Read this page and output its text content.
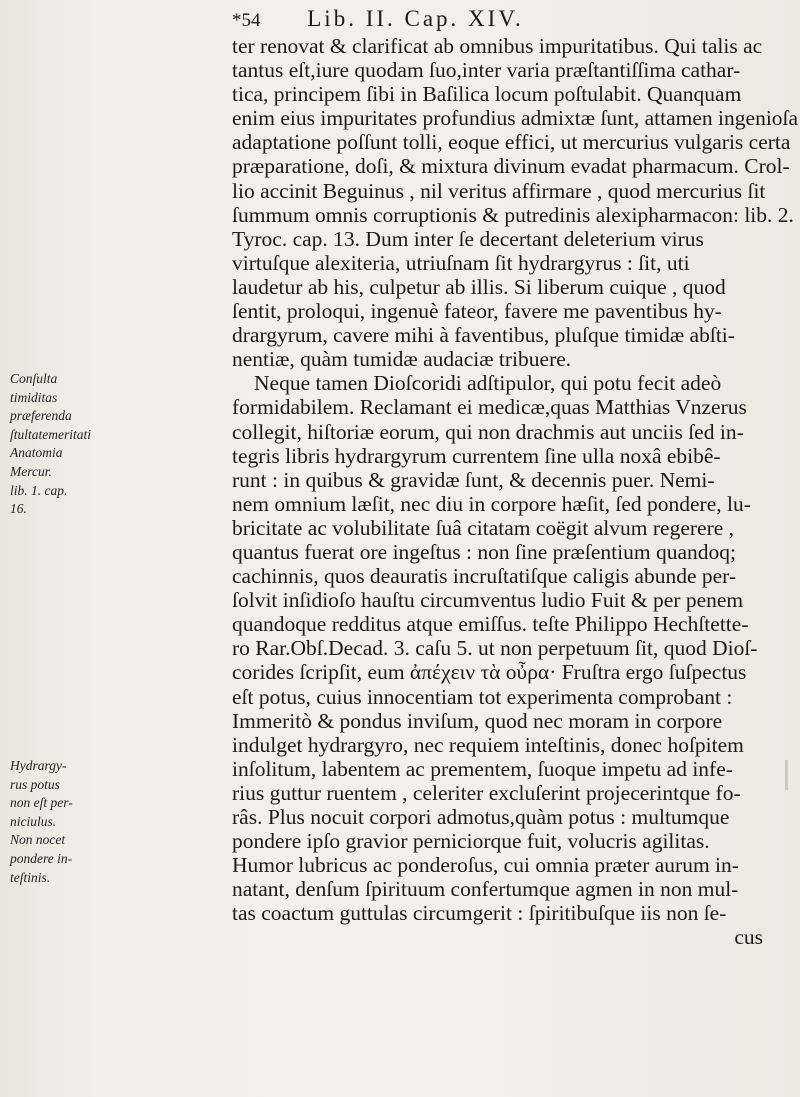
*54 Lib. II. Cap. XIV.
ter renovat & clarificat ab omnibus impuritatibus. Qui talis ac
tantus eſt,iure quodam ſuo,inter varia præſtantiſſima cathar-
tica, principem ſibi in Baſilica locum poſtulabit. Quanquam
enim eius impuritates profundius admixtæ ſunt, attamen ingenioſa
adaptatione poſſunt tolli, eoque effici, ut mercurius vulgaris certa
præparatione, doſi, & mixtura divinum evadat pharmacum. Crol-
lio accinit Beguinus , nil veritus affirmare , quod mercurius ſit
ſummum omnis corruptionis & putredinis alexipharmacon: lib. 2.
Tyroc. cap. 13. Dum inter ſe decertant deleterium virus
virtuſque alexiteria, utriuſnam ſit hydrargyrus : ſit, uti
laudetur ab his, culpetur ab illis. Si liberum cuique , quod
ſentit, proloqui, ingenuè fateor, favere me paventibus hy-
drargyrum, cavere mihi à faventibus, pluſque timidæ abſti-
nentiæ, quàm tumidæ audaciæ tribuere.
Neque tamen Dioſcoridi adſtipulor, qui potu fecit adeò
formidabilem. Reclamant ei medicæ,quas Matthias Vnzerus
collegit, hiſtoriæ eorum, qui non drachmis aut unciis ſed in-
tegris libris hydrargyrum currentem ſine ulla noxâ ebibê-
runt : in quibus & gravidæ ſunt, & decennis puer. Nemi-
nem omnium læſit, nec diu in corpore hæſit, ſed pondere, lu-
bricitate ac volubilitate ſuâ citatam coëgit alvum regerere ,
quantus fuerat ore ingeſtus : non ſine præſentium quandoq;
cachinnis, quos deauratis incruſtatiſque caligis abunde per-
ſolvit inſidioſo hauſtu circumventus ludio Fuit & per penem
quandoque redditus atque emiſſus. teſte Philippo Hechſtette-
ro Rar.Obſ.Decad. 3. caſu 5. ut non perpetuum ſit, quod Dioſ-
corides ſcripſit, eum ἀπέχειν τὰ οὖρα· Fruſtra ergo ſuſpectus
eſt potus, cuius innocentiam tot experimenta comprobant :
Immeritò & pondus inviſum, quod nec moram in corpore
indulget hydrargyro, nec requiem inteſtinis, donec hoſpitem
inſolitum, labentem ac prementem, ſuoque impetu ad infe-
rius guttur ruentem , celeriter excluſerint projecerintque fo-
râs. Plus nocuit corpori admotus,quàm potus : multumque
pondere ipſo gravior perniciorque fuit, volucris agilitas.
Humor lubricus ac ponderoſus, cui omnia præter aurum in-
natant, denſum ſpirituum confertumque agmen in non mul-
tas coactum guttulas circumgerit : ſpiritibuſque iis non ſe-
cus
Conſulta
timiditas
præferenda
ſtultatemeritati
Anatomia
Mercur.
lib. 1. cap.
16.
Hydrargy-
rus potus
non eſt per-
niciulus.
Non nocet
pondere in-
teſtinis.
